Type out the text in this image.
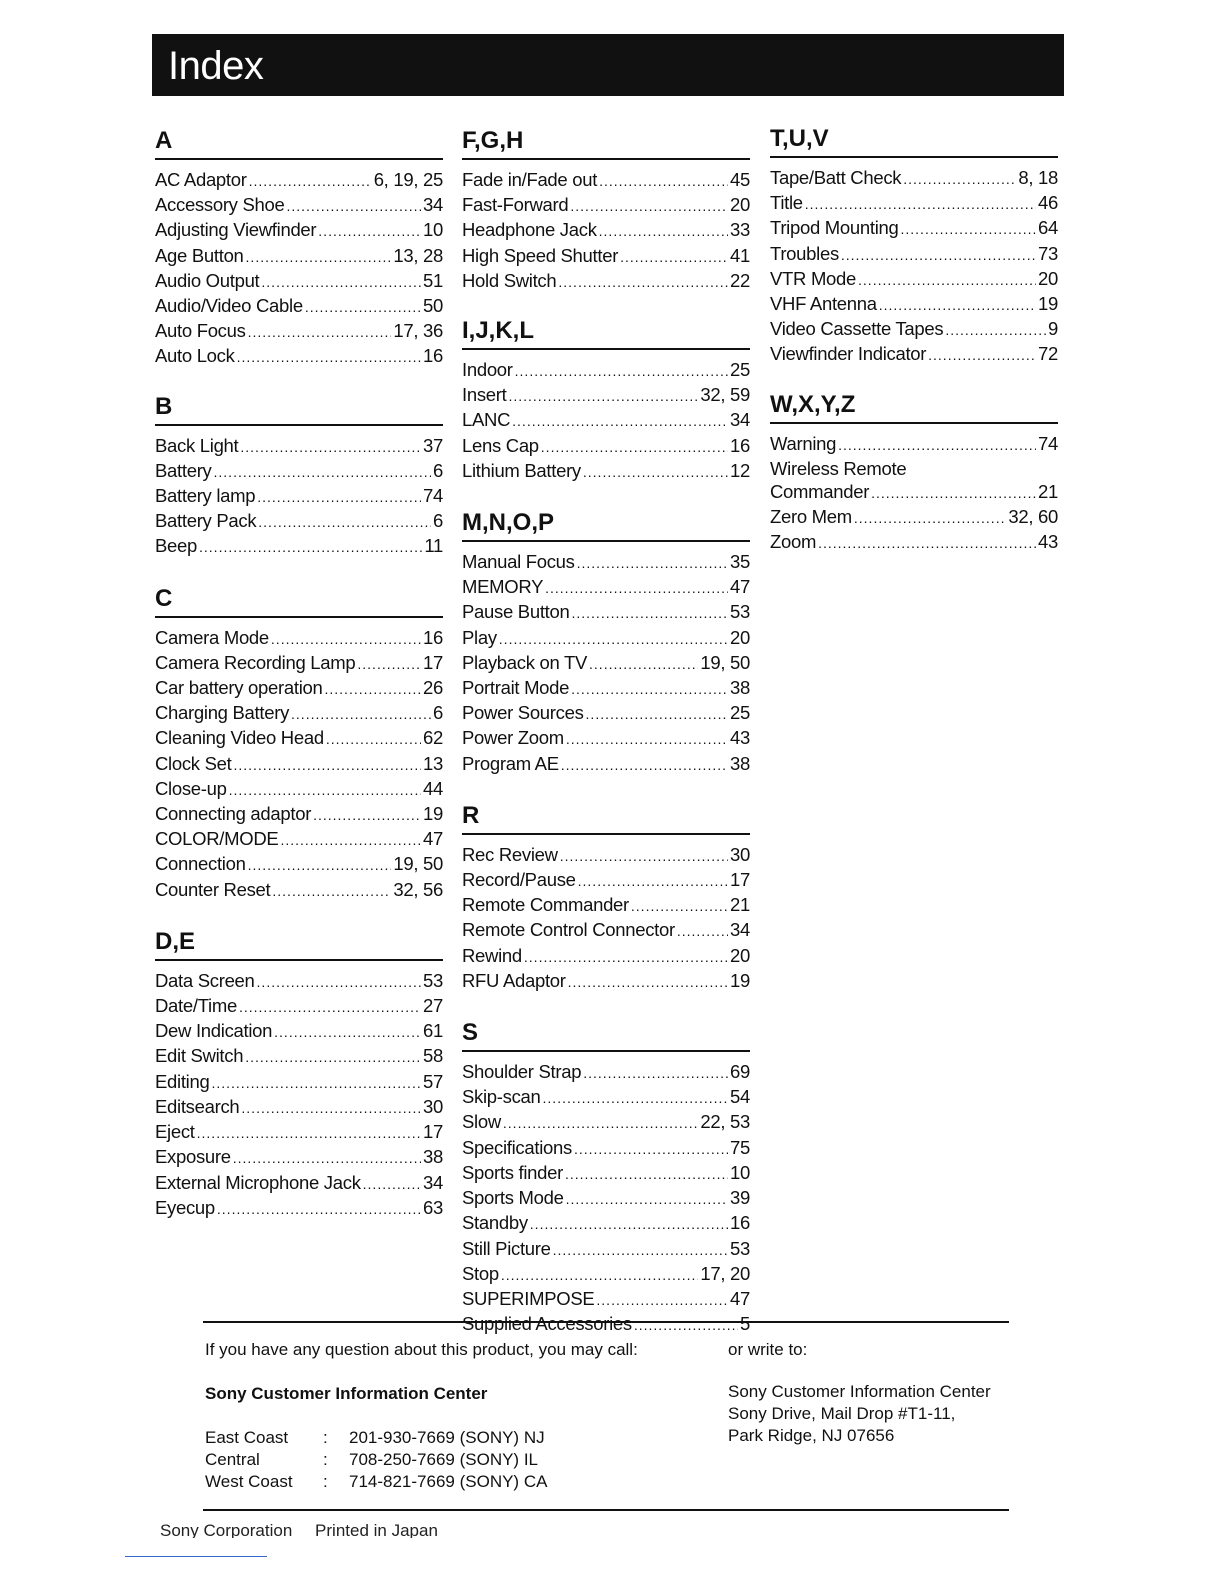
Index
A
AC Adaptor .....	6, 19, 25
Accessory Shoe .....	34
Adjusting Viewfinder .....	10
Age Button .....	13, 28
Audio Output .....	51
Audio/Video Cable .....	50
Auto Focus .....	17, 36
Auto Lock .....	16
B
Back Light .....	37
Battery .....	6
Battery lamp .....	74
Battery Pack .....	6
Beep .....	11
C
Camera Mode .....	16
Camera Recording Lamp .....	17
Car battery operation .....	26
Charging Battery .....	6
Cleaning Video Head .....	62
Clock Set .....	13
Close-up .....	44
Connecting adaptor .....	19
COLOR/MODE .....	47
Connection .....	19, 50
Counter Reset .....	32, 56
D,E
Data Screen .....	53
Date/Time .....	27
Dew Indication .....	61
Edit Switch .....	58
Editing .....	57
Editsearch .....	30
Eject .....	17
Exposure .....	38
External Microphone Jack .....	34
Eyecup .....	63
F,G,H
Fade in/Fade out .....	45
Fast-Forward .....	20
Headphone Jack .....	33
High Speed Shutter .....	41
Hold Switch .....	22
I,J,K,L
Indoor .....	25
Insert .....	32, 59
LANC .....	34
Lens Cap .....	16
Lithium Battery .....	12
M,N,O,P
Manual Focus .....	35
MEMORY .....	47
Pause Button .....	53
Play .....	20
Playback on TV .....	19, 50
Portrait Mode .....	38
Power Sources .....	25
Power Zoom .....	43
Program AE .....	38
R
Rec Review .....	30
Record/Pause .....	17
Remote Commander .....	21
Remote Control Connector .....	34
Rewind .....	20
RFU Adaptor .....	19
S
Shoulder Strap .....	69
Skip-scan .....	54
Slow .....	22, 53
Specifications .....	75
Sports finder .....	10
Sports Mode .....	39
Standby .....	16
Still Picture .....	53
Stop .....	17, 20
SUPERIMPOSE .....	47
Supplied Accessories .....	5
T,U,V
Tape/Batt Check .....	8, 18
Title .....	46
Tripod Mounting .....	64
Troubles .....	73
VTR Mode .....	20
VHF Antenna .....	19
Video Cassette Tapes .....	9
Viewfinder Indicator .....	72
W,X,Y,Z
Warning .....	74
Wireless Remote
Commander .....	21
Zero Mem .....	32, 60
Zoom .....	43
If you have any question about this product, you may call:
Sony Customer Information Center
East Coast	:	201-930-7669 (SONY) NJ
Central	:	708-250-7669 (SONY) IL
West Coast	:	714-821-7669 (SONY) CA
or write to:
Sony Customer Information Center
Sony Drive, Mail Drop #T1-11,
Park Ridge, NJ 07656
Sony Corporation Printed in Japan
